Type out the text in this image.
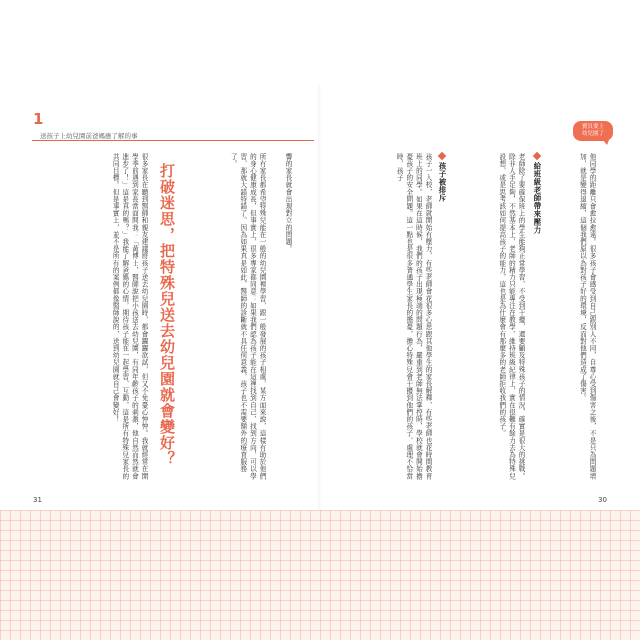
1
送孩子上幼兒園前爸媽應了解的事
響的家長就會出現對立的問題。
所有家長都希望特殊兒能在一般的幼兒園裡學習，跟一般發展的孩子相處，某方面來說，這樣有助於他們的身心健康成長，但事實上，很多專家都同意：如果我們認為孩子能在這裡找到自己、找到方向，可以學習，那就大錯特錯了。因為如果真是如此，醫師的診斷就不具任何意義，孩子也不需要額外的療育服務了。
打破迷思，把特殊兒送去幼兒園就會變好？
很多家長在聽到醫師和親友建議將孩子送去幼兒園時，都會躍躍欲試，但又不免憂心忡忡。我就經常在開學季前遇到家長當面問我：「黃博士，醫師說把小孩送去幼兒園，有同年齡孩子的刺激，他自然而然就會進步了！」這是真的嗎？」我能了解爸媽的心情，期待孩子能在一起學習、互動，這是所有特殊兒家長的共同目標。但是事實上，並不是所有的案例都像醫師說的，送到幼兒園就自己會變好！
31
寶貝要上
幼兒園了
他同學的距離只會愈拉愈遠。很多孩子會感受到自己跟別人不同，自尊心受到傷害之後，不是只為問題增加，就是變得退縮，這個我們原以為對孩子好的環境，反而對他們造成了傷害。
給班級老師帶來壓力
老師除了要確保班上的學生能夠正常學習、不受到干擾，還要顧及特殊孩子的情況，確實是很大的挑戰。除非人手足夠，不然基本上，老師的精力只能專注在教學、維持班級紀律上，實在很難有餘力去為特殊兒設想，或是思考該如何提高孩子的能力，這也是為什麼會有那麼多的老師拒收我們的孩子。
孩子被排斥
孩子一入校，老師就開始有壓力，有些老師會花很多心思跟其他學生的家長解釋，有些老師也花時間教育班上的同學。如果在這時候，我們的孩子出現極端的問題行為，嚴重到老師無法掌控時，學校就會開始擔憂孩子的安全問題。這一點也是很多普通學生家長的擔憂，擔心特殊兒會干擾到他們的孩子，處理不恰當時，孩子
30
